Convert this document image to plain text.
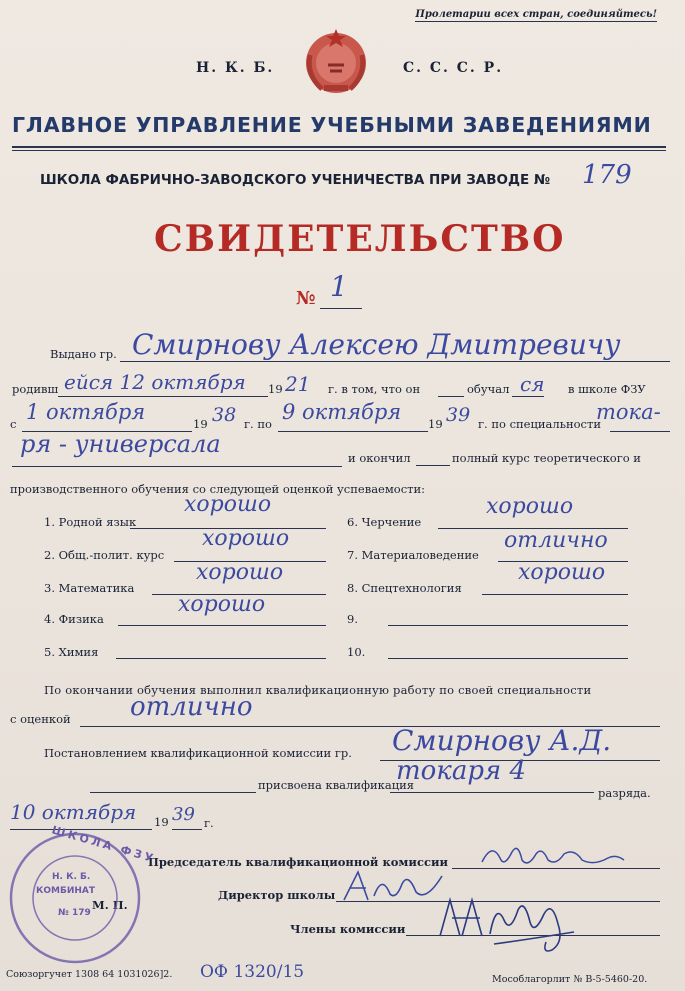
Пролетарии всех стран, соединяйтесь!
Н. К. Б.	С. С. С. Р.
ГЛАВНОЕ УПРАВЛЕНИЕ УЧЕБНЫМИ ЗАВЕДЕНИЯМИ
ШКОЛА ФАБРИЧНО-ЗАВОДСКОГО УЧЕНИЧЕСТВА ПРИ ЗАВОДЕ № 179
СВИДЕТЕЛЬСТВО
№ 1
Выдано гр. Смирнову Алексею Дмитревичу
родивш ейся 12 октября 19 21 г. в том, что он	обучал ся в школе ФЗУ
с 1 октября	19 38 г. по 9 октября 19 39 г. по специальности
тока-
ря - универсала	и окончил	полный курс теоретического и
производственного обучения со следующей оценкой успеваемости:
1. Родной язык
хорошо
2. Общ.-полит. курс
хорошо
3. Математика
хорошо
4. Физика
хорошо
5. Химия
6. Черчение
хорошо
7. Материаловедение
отлично
8. Спецтехнология
хорошо
9.
10.
По окончании обучения выполнил квалификационную работу по своей специальности
с оценкой отлично
Постановлением квалификационной комиссии гр. Смирнову А.Д.
присвоена квалификация
токаря 4
разряда.
10 октября 19 39 г.
Председатель квалификационной комиссии
Директор школы
М. П.
Члены комиссии
ШКОЛА ФЗУ
Н. К. Б.
КОМБИНАТ
№ 179
Союзоргучет 1308 64 1031026]2. ОФ 1320/15	Мособлагорлит № В-5-5460-20.
